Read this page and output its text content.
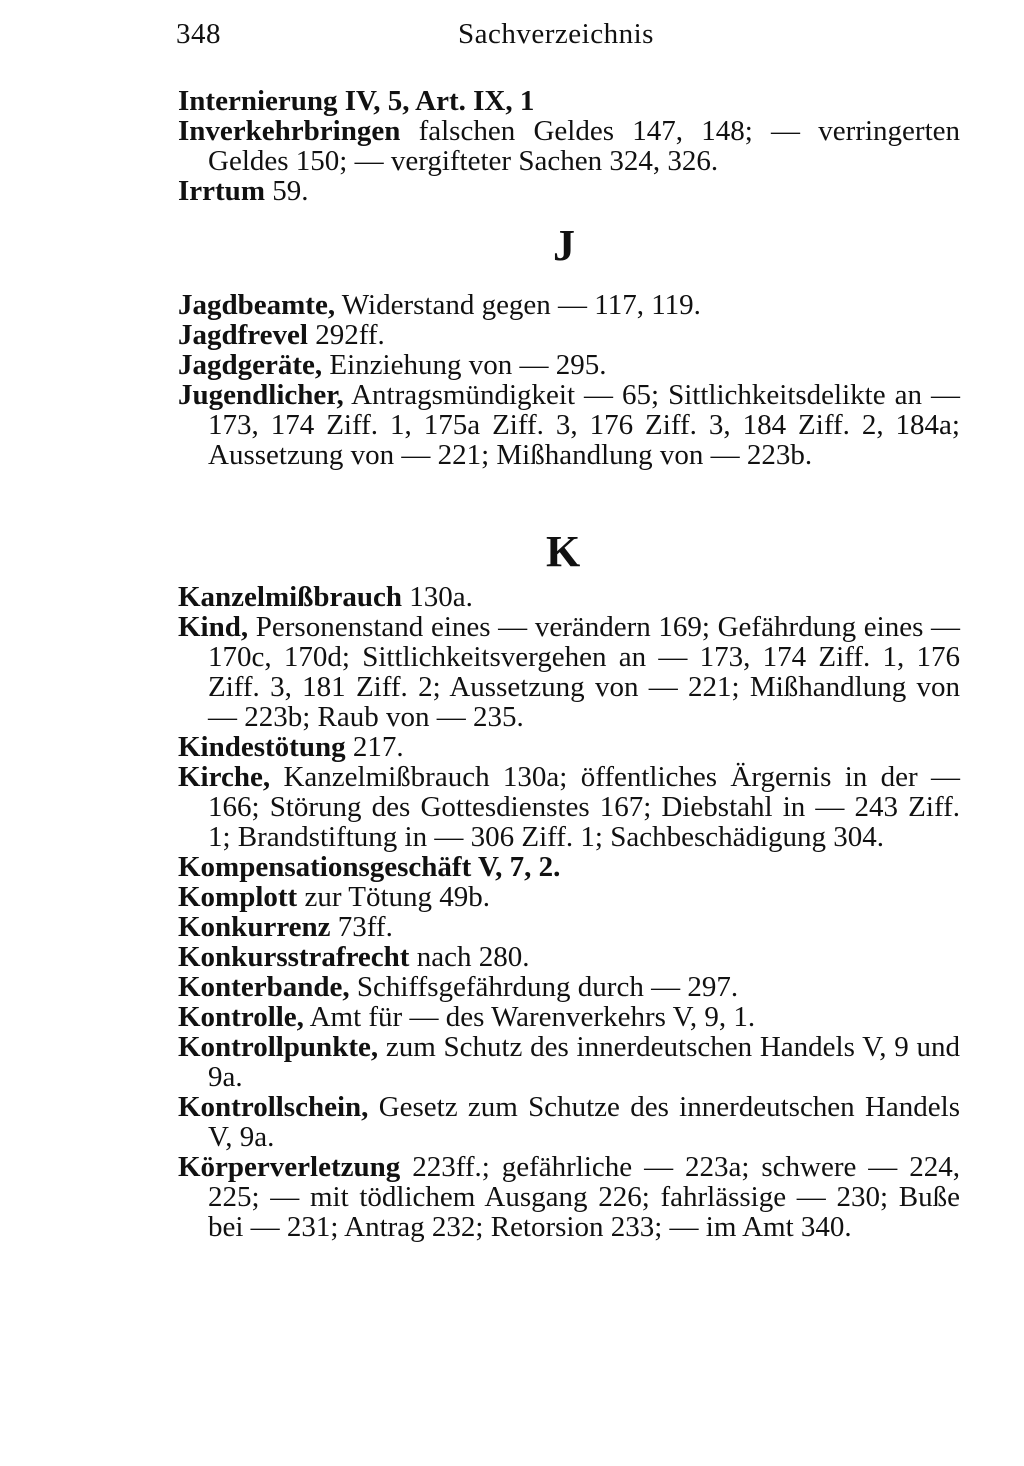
348	Sachverzeichnis
Internierung IV, 5, Art. IX, 1
Inverkehrbringen falschen Geldes 147, 148; — verringerten Geldes 150; — vergifteter Sachen 324, 326.
Irrtum 59.
J
Jagdbeamte, Widerstand gegen — 117, 119.
Jagdfrevel 292ff.
Jagdgeräte, Einziehung von — 295.
Jugendlicher, Antragsmündigkeit — 65; Sittlichkeitsdelikte an — 173, 174 Ziff. 1, 175a Ziff. 3, 176 Ziff. 3, 184 Ziff. 2, 184a; Aussetzung von — 221; Mißhandlung von — 223b.
K
Kanzelmißbrauch 130a.
Kind, Personenstand eines — verändern 169; Gefährdung eines — 170c, 170d; Sittlichkeitsvergehen an — 173, 174 Ziff. 1, 176 Ziff. 3, 181 Ziff. 2; Aussetzung von — 221; Mißhandlung von — 223b; Raub von — 235.
Kindestötung 217.
Kirche, Kanzelmißbrauch 130a; öffentliches Ärgernis in der — 166; Störung des Gottesdienstes 167; Diebstahl in — 243 Ziff. 1; Brandstiftung in — 306 Ziff. 1; Sachbeschädigung 304.
Kompensationsgeschäft V, 7, 2.
Komplott zur Tötung 49b.
Konkurrenz 73ff.
Konkursstrafrecht nach 280.
Konterbande, Schiffsgefährdung durch — 297.
Kontrolle, Amt für — des Warenverkehrs V, 9, 1.
Kontrollpunkte, zum Schutz des innerdeutschen Handels V, 9 und 9a.
Kontrollschein, Gesetz zum Schutze des innerdeutschen Handels V, 9a.
Körperverletzung 223ff.; gefährliche — 223a; schwere — 224, 225; — mit tödlichem Ausgang 226; fahrlässige — 230; Buße bei — 231; Antrag 232; Retorsion 233; — im Amt 340.
